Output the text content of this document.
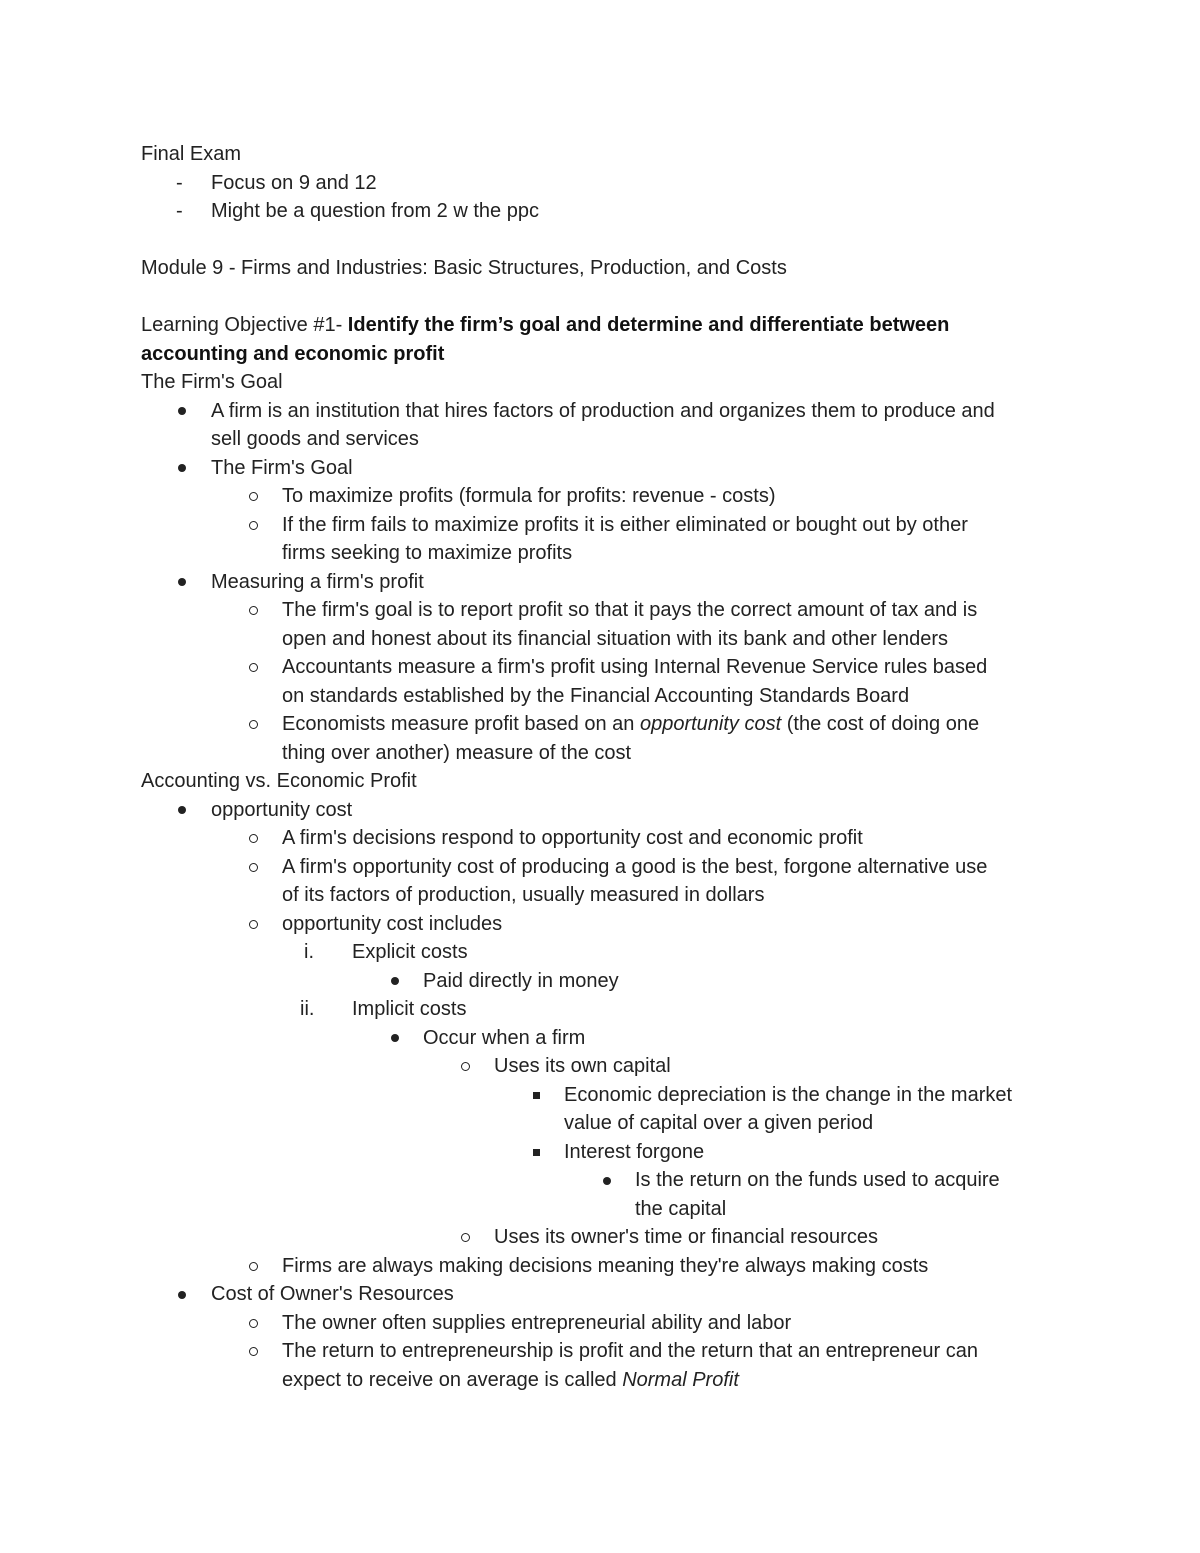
Final Exam
- Focus on 9 and 12
- Might be a question from 2 w the ppc
Module 9 - Firms and Industries: Basic Structures, Production, and Costs
Learning Objective #1- Identify the firm’s goal and determine and differentiate between
accounting and economic profit
The Firm's Goal
A firm is an institution that hires factors of production and organizes them to produce and
sell goods and services
The Firm's Goal
To maximize profits (formula for profits: revenue - costs)
If the firm fails to maximize profits it is either eliminated or bought out by other
firms seeking to maximize profits
Measuring a firm's profit
The firm's goal is to report profit so that it pays the correct amount of tax and is
open and honest about its financial situation with its bank and other lenders
Accountants measure a firm's profit using Internal Revenue Service rules based
on standards established by the Financial Accounting Standards Board
Economists measure profit based on an opportunity cost (the cost of doing one
thing over another) measure of the cost
Accounting vs. Economic Profit
opportunity cost
A firm's decisions respond to opportunity cost and economic profit
A firm's opportunity cost of producing a good is the best, forgone alternative use
of its factors of production, usually measured in dollars
opportunity cost includes
i. Explicit costs
Paid directly in money
ii. Implicit costs
Occur when a firm
Uses its own capital
Economic depreciation is the change in the market
value of capital over a given period
Interest forgone
Is the return on the funds used to acquire
the capital
Uses its owner's time or financial resources
Firms are always making decisions meaning they're always making costs
Cost of Owner's Resources
The owner often supplies entrepreneurial ability and labor
The return to entrepreneurship is profit and the return that an entrepreneur can
expect to receive on average is called Normal Profit
